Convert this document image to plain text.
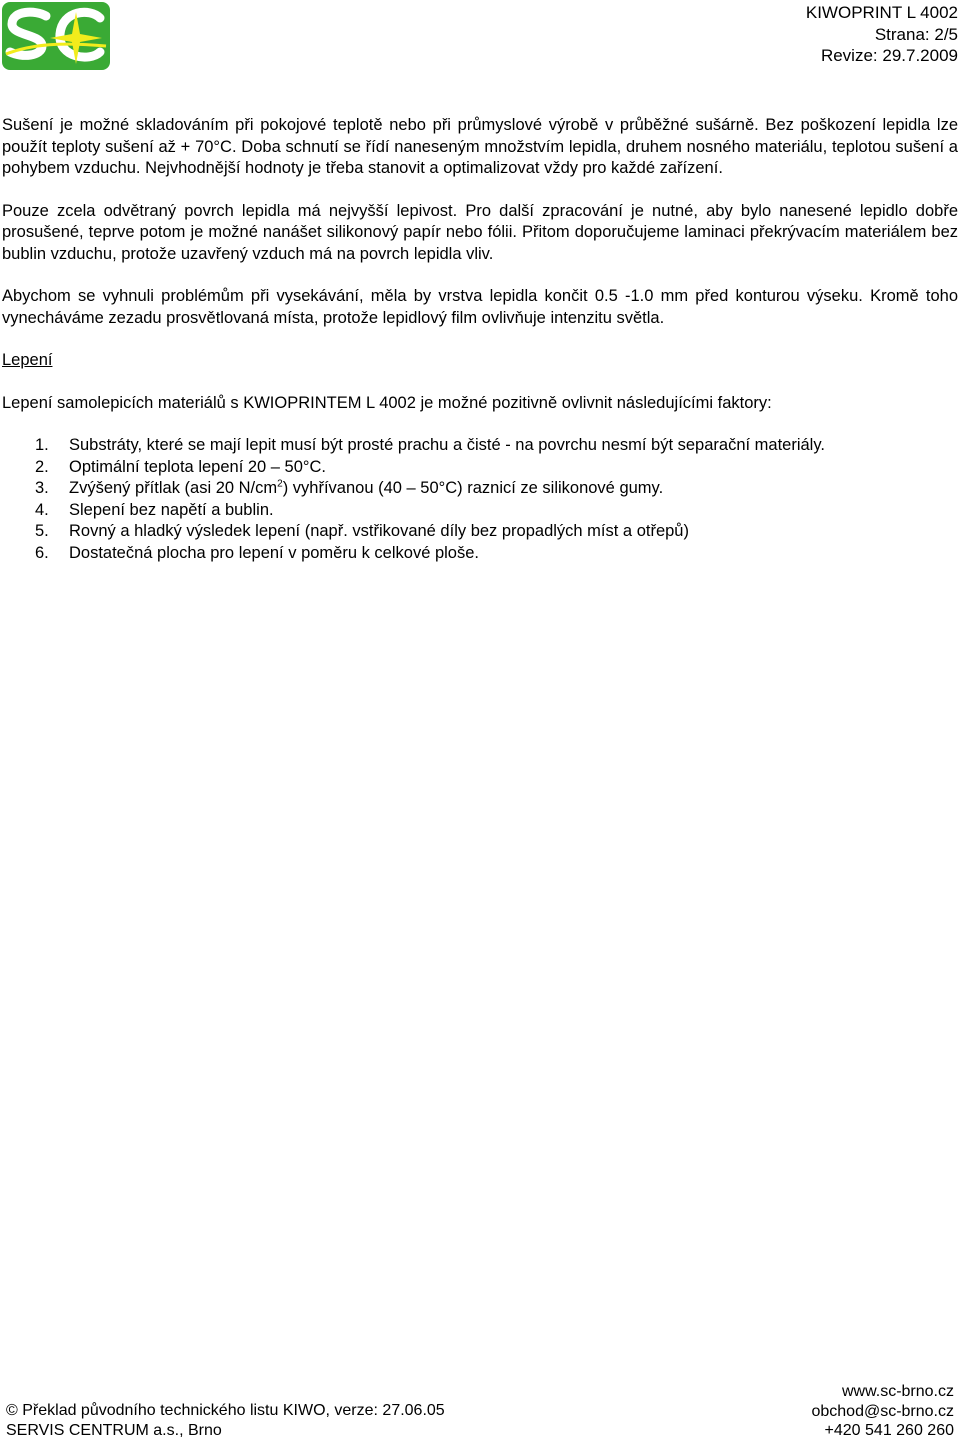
KIWOPRINT L 4002
Strana: 2/5
Revize: 29.7.2009

Sušení je možné skladováním při pokojové teplotě nebo při průmyslové výrobě v průběžné sušárně. Bez poškození lepidla lze použít teploty sušení až + 70°C. Doba schnutí se řídí naneseným množstvím lepidla, druhem nosného materiálu, teplotou sušení a pohybem vzduchu. Nejvhodnější hodnoty je třeba stanovit a optimalizovat vždy pro každé zařízení.

Pouze zcela odvětraný povrch lepidla má nejvyšší lepivost. Pro další zpracování je nutné, aby bylo nanesené lepidlo dobře prosušené, teprve potom je možné nanášet silikonový papír nebo fólii. Přitom doporučujeme laminaci překrývacím materiálem bez bublin vzduchu, protože uzavřený vzduch má na povrch lepidla vliv.

Abychom se vyhnuli problémům při vysekávání, měla by vrstva lepidla končit 0.5 -1.0 mm před konturou výseku. Kromě toho vynecháváme zezadu prosvětlovaná místa, protože lepidlový film ovlivňuje intenzitu světla.

Lepení

Lepení samolepicích materiálů s KWIOPRINTEM L 4002 je možné pozitivně ovlivnit následujícími faktory:

1.	Substráty, které se mají lepit musí být prosté prachu a čisté - na povrchu nesmí být separační materiály.
2.	Optimální teplota lepení 20 – 50°C.
3.	Zvýšený přítlak (asi 20 $N/cm^2$) vyhřívanou (40 – 50°C) raznicí ze silikonové gumy.
4.	Slepení bez napětí a bublin.
5.	Rovný a hladký výsledek lepení (např. vstřikované díly bez propadlých míst a otřepů)
6.	Dostatečná plocha pro lepení v poměru k celkové ploše.
© Překlad původního technického listu KIWO, verze: 27.06.05
SERVIS CENTRUM a.s., Brno
www.sc-brno.cz
obchod@sc-brno.cz
+420 541 260 260
